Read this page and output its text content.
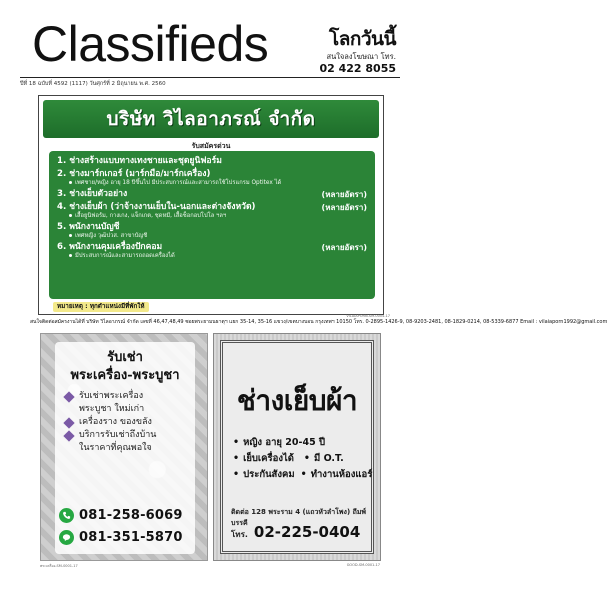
Classifieds	โลกวันนี้
สนใจลงโฆษณา โทร.
02 422 8055
ปีที่ 18 ฉบับที่ 4592 (1117) วันศุกร์ที่ 2 มิถุนายน พ.ศ. 2560
บริษัท วิไลอาภรณ์ จำกัด
รับสมัครด่วน
1. ช่างสร้างแบบทางเทงชายและชุดยูนิฟอร์ม
2. ช่างมาร์กเกอร์ (มาร์กมือ/มาร์กเครื่อง)
เพศชาย/หญิง อายุ 18 ปีขึ้นไป มีประสบการณ์และสามารถใช้โปรแกรม Optitex ได้
3. ช่างเย็บตัวอย่าง	(หลายอัตรา)
4. ช่างเย็บผ้า (ว่าจ้างงานเย็บใน-นอกและต่างจังหวัด)	(หลายอัตรา)
เสื้อยูนิฟอร์ม, กางเกง, แจ็กเกต, ชุดหมี, เสื้อช็อกอปโปโล ฯลฯ
5. พนักงานบัญชี
เพศหญิง วุฒิปวส. สาขาบัญชี
6. พนักงานคุมเครื่องปักคอม	(หลายอัตรา)
มีประสบการณ์และสามารถถอดเครื่องได้
หมายเหตุ : ทุกตำแหน่งมีที่พักให้
VILAIAPORN-SM-0004-17
สนใจติดต่อสมัครงานได้ที่ บริษัท วิไลอาภรณ์ จำกัด เลขที่ 46,47,48,49 ซอยพระยามนธาตุฯ แยก 35-14, 35-16 แขวง/เขตบางบอน กรุงเทพฯ 10150 โทร. 0-2895-1426-9, 08-9203-2481, 08-1829-0214, 08-5339-6877 Email : vilaiaporn1992@gmail.com
รับเช่า
พระเครื่อง-พระบูชา
รับเช่าพระเครื่อง
พระบูชา ใหม่เก่า
เครื่องราง ของขลัง
บริการรับเช่าถึงบ้าน
ในราคาที่คุณพอใจ
081-258-6069
081-351-5870
พระเครื่อง-SM-0001-17
ช่างเย็บผ้า
• หญิง อายุ 20-45 ปี
• เย็บเครื่องได้ • มี O.T.
• ประกันสังคม • ทำงานห้องแอร์
ติดต่อ 128 พระราม 4 (แถวหัวลำโพง) ถีมพ์บรรคี
โทร. 02-225-0404
GOOD-SM-0001-17
